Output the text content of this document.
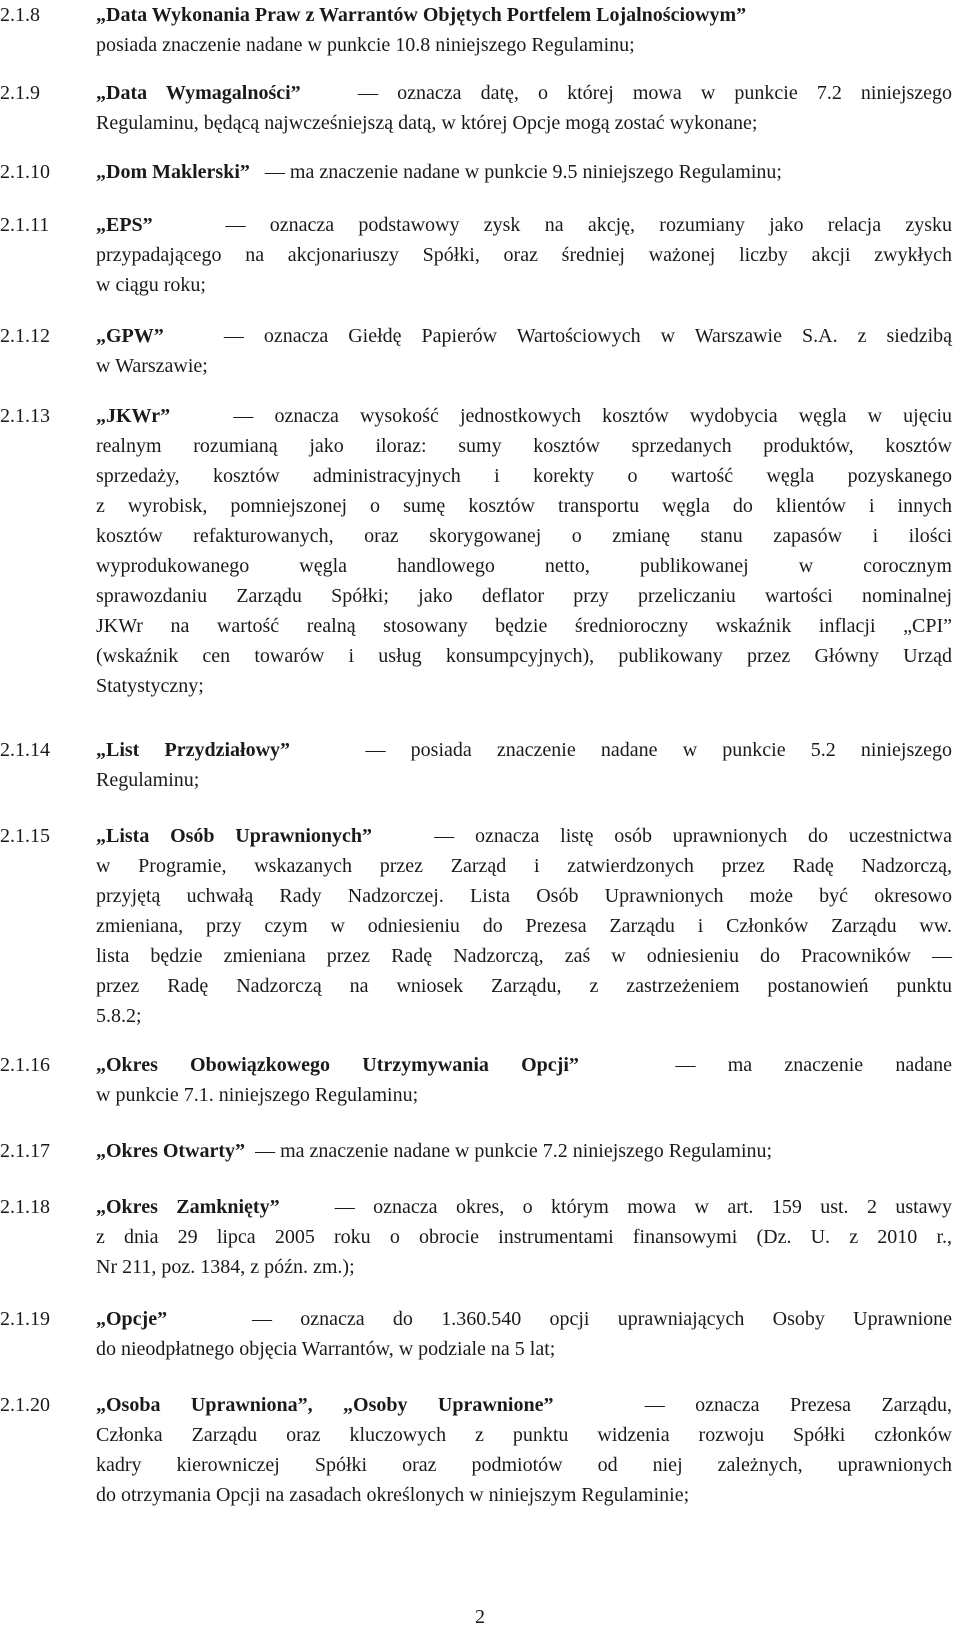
2.1.8	„Data Wykonania Praw z Warrantów Objętych Portfelem Lojalnościowym”
posiada znaczenie nadane w punkcie 10.8 niniejszego Regulaminu;
2.1.9	„Data Wymagalności”	— oznacza datę, o której mowa w punkcie 7.2 niniejszego
Regulaminu, będącą najwcześniejszą datą, w której Opcje mogą zostać wykonane;
2.1.10 „Dom Maklerski” — ma znaczenie nadane w punkcie 9.5 niniejszego Regulaminu;
2.1.11 „EPS”	— oznacza podstawowy zysk na akcję, rozumiany jako relacja zysku
przypadającego na akcjonariuszy Spółki, oraz średniej ważonej liczby akcji zwykłych
w ciągu roku;
2.1.12 „GPW”	— oznacza Giełdę Papierów Wartościowych w Warszawie S.A. z siedzibą
w Warszawie;
2.1.13 „JKWr”	— oznacza wysokość jednostkowych kosztów wydobycia węgla w ujęciu
realnym rozumianą jako iloraz: sumy kosztów sprzedanych produktów, kosztów
sprzedaży, kosztów administracyjnych i korekty o wartość węgla pozyskanego
z wyrobisk, pomniejszonej o sumę kosztów transportu węgla do klientów i innych
kosztów refakturowanych, oraz skorygowanej o zmianę stanu zapasów i ilości
wyprodukowanego węgla handlowego netto, publikowanej w corocznym
sprawozdaniu Zarządu Spółki; jako deflator przy przeliczaniu wartości nominalnej
JKWr na wartość realną stosowany będzie średnioroczny wskaźnik inflacji „CPI”
(wskaźnik cen towarów i usług konsumpcyjnych), publikowany przez Główny Urząd
Statystyczny;
2.1.14 „List Przydziałowy”	— posiada znaczenie nadane w punkcie 5.2 niniejszego
Regulaminu;
2.1.15 „Lista Osób Uprawnionych”	— oznacza listę osób uprawnionych do uczestnictwa
w Programie, wskazanych przez Zarząd i zatwierdzonych przez Radę Nadzorczą,
przyjętą uchwałą Rady Nadzorczej. Lista Osób Uprawnionych może być okresowo
zmieniana, przy czym w odniesieniu do Prezesa Zarządu i Członków Zarządu ww.
lista będzie zmieniana przez Radę Nadzorczą, zaś w odniesieniu do Pracowników —
przez Radę Nadzorczą na wniosek Zarządu, z zastrzeżeniem postanowień punktu
5.8.2;
2.1.16 „Okres Obowiązkowego Utrzymywania Opcji”	— ma znaczenie nadane
w punkcie 7.1. niniejszego Regulaminu;
2.1.17 „Okres Otwarty” — ma znaczenie nadane w punkcie 7.2 niniejszego Regulaminu;
2.1.18 „Okres Zamknięty”	— oznacza okres, o którym mowa w art. 159 ust. 2 ustawy
z dnia 29 lipca 2005 roku o obrocie instrumentami finansowymi (Dz. U. z 2010 r.,
Nr 211, poz. 1384, z późn. zm.);
2.1.19 „Opcje”	— oznacza do 1.360.540 opcji uprawniających Osoby Uprawnione
do nieodpłatnego objęcia Warrantów, w podziale na 5 lat;
2.1.20 „Osoba Uprawniona”, „Osoby Uprawnione”	— oznacza Prezesa Zarządu,
Członka Zarządu oraz kluczowych z punktu widzenia rozwoju Spółki członków
kadry kierowniczej Spółki oraz podmiotów od niej zależnych, uprawnionych
do otrzymania Opcji na zasadach określonych w niniejszym Regulaminie;
2
